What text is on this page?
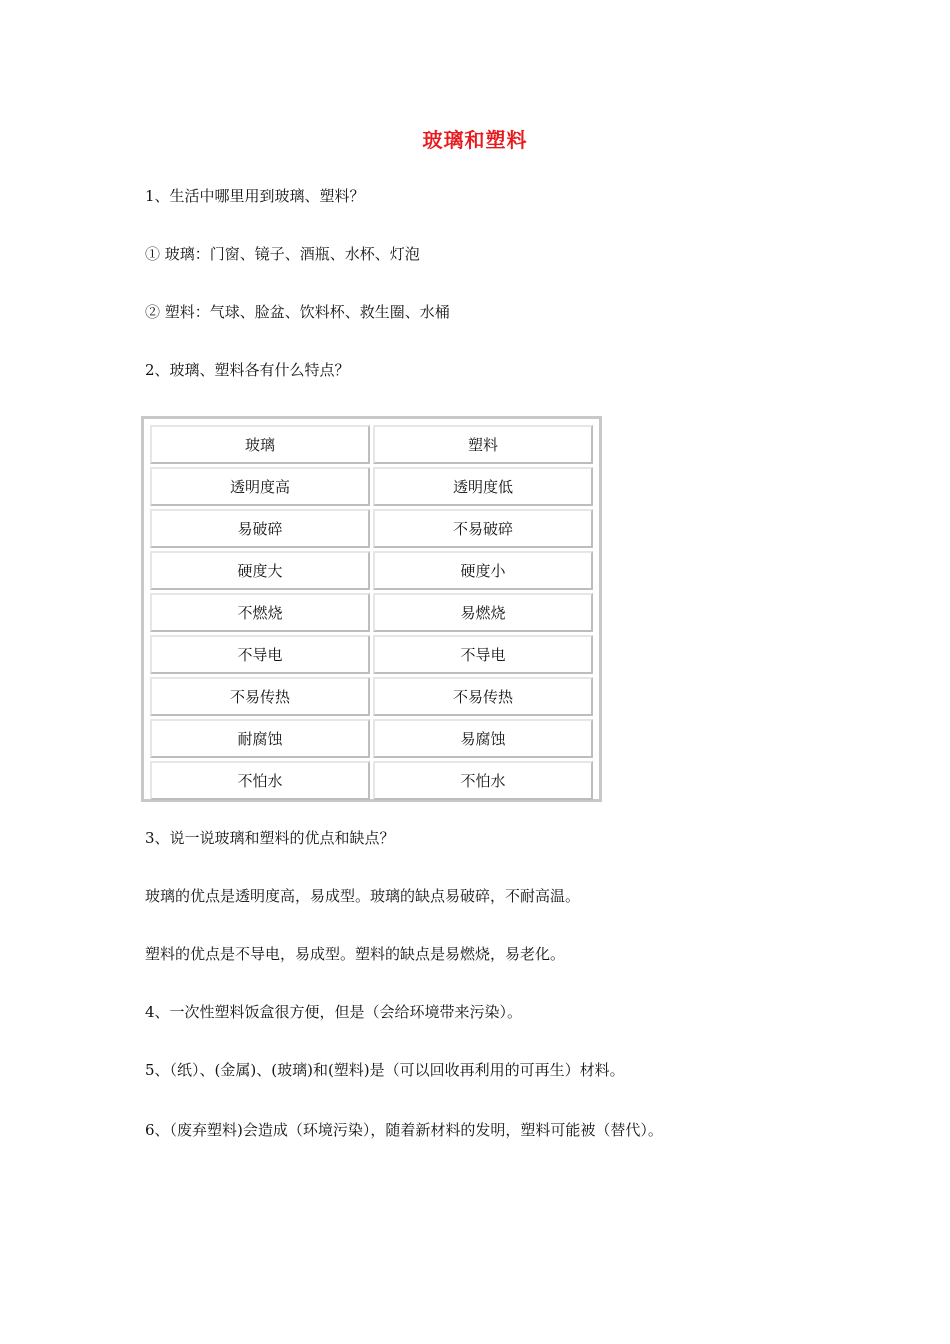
玻璃和塑料
1、生活中哪里用到玻璃、塑料？
① 玻璃：门窗、镜子、酒瓶、水杯、灯泡
② 塑料：气球、脸盆、饮料杯、救生圈、水桶
2、玻璃、塑料各有什么特点？
玻璃	塑料
透明度高	透明度低
易破碎	不易破碎
硬度大	硬度小
不燃烧	易燃烧
不导电	不导电
不易传热	不易传热
耐腐蚀	易腐蚀
不怕水	不怕水
3、说一说玻璃和塑料的优点和缺点？
玻璃的优点是透明度高，易成型。玻璃的缺点易破碎，不耐高温。
塑料的优点是不导电，易成型。塑料的缺点是易燃烧，易老化。
4、一次性塑料饭盒很方便，但是（会给环境带来污染）。
5、（纸）、(金属)、(玻璃)和(塑料)是（可以回收再利用的可再生）材料。
6、（废弃塑料)会造成（环境污染），随着新材料的发明，塑料可能被（替代）。
